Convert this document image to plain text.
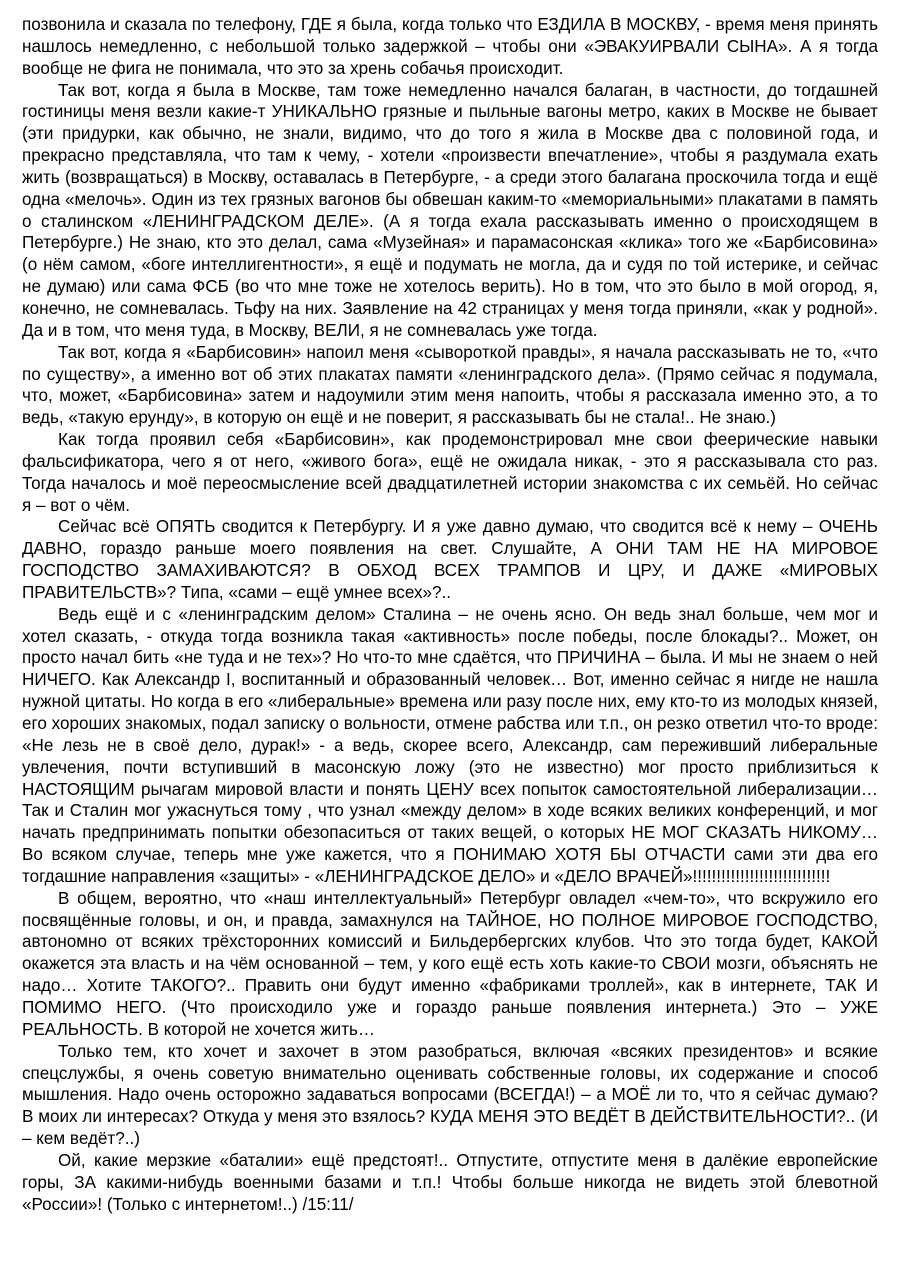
позвонила и сказала по телефону, ГДЕ я была, когда только что ЕЗДИЛА В МОСКВУ, - время меня принять нашлось немедленно, с небольшой только задержкой – чтобы они «ЭВАКУИРВАЛИ СЫНА». А я тогда вообще не фига не понимала, что это за хрень собачья происходит.

Так вот, когда я была в Москве, там тоже немедленно начался балаган, в частности, до тогдашней гостиницы меня везли какие-т УНИКАЛЬНО грязные и пыльные вагоны метро, каких в Москве не бывает (эти придурки, как обычно, не знали, видимо, что до того я жила в Москве два с половиной года, и прекрасно представляла, что там к чему, - хотели «произвести впечатление», чтобы я раздумала ехать жить (возвращаться) в Москву, оставалась в Петербурге, - а среди этого балагана проскочила тогда и ещё одна «мелочь». Один из тех грязных вагонов бы обвешан каким-то «мемориальными» плакатами в память о сталинском «ЛЕНИНГРАДСКОМ ДЕЛЕ». (А я тогда ехала рассказывать именно о происходящем в Петербурге.) Не знаю, кто это делал, сама «Музейная» и парамасонская «клика» того же «Барбисовина» (о нём самом, «боге интеллигентности», я ещё и подумать не могла, да и судя по той истерике, и сейчас не думаю) или сама ФСБ (во что мне тоже не хотелось верить). Но в том, что это было в мой огород, я, конечно, не сомневалась. Тьфу на них. Заявление на 42 страницах у меня тогда приняли, «как у родной». Да и в том, что меня туда, в Москву, ВЕЛИ, я не сомневалась уже тогда.

Так вот, когда я «Барбисовин» напоил меня «сывороткой правды», я начала рассказывать не то, «что по существу», а именно вот об этих плакатах памяти «ленинградского дела». (Прямо сейчас я подумала, что, может, «Барбисовина» затем и надоумили этим меня напоить, чтобы я рассказала именно это, а то ведь, «такую ерунду», в которую он ещё и не поверит, я рассказывать бы не стала!.. Не знаю.)

Как тогда проявил себя «Барбисовин», как продемонстрировал мне свои феерические навыки фальсификатора, чего я от него, «живого бога», ещё не ожидала никак, - это я рассказывала сто раз. Тогда началось и моё переосмысление всей двадцатилетней истории знакомства с их семьёй. Но сейчас я – вот о чём.

Сейчас всё ОПЯТЬ сводится к Петербургу. И я уже давно думаю, что сводится всё к нему – ОЧЕНЬ ДАВНО, гораздо раньше моего появления на свет. Слушайте, А ОНИ ТАМ НЕ НА МИРОВОЕ ГОСПОДСТВО ЗАМАХИВАЮТСЯ? В ОБХОД ВСЕХ ТРАМПОВ И ЦРУ, И ДАЖЕ «МИРОВЫХ ПРАВИТЕЛЬСТВ»? Типа, «сами – ещё умнее всех»?..

Ведь ещё и с «ленинградским делом» Сталина – не очень ясно. Он ведь знал больше, чем мог и хотел сказать, - откуда тогда возникла такая «активность» после победы, после блокады?.. Может, он просто начал бить «не туда и не тех»? Но что-то мне сдаётся, что ПРИЧИНА – была. И мы не знаем о ней НИЧЕГО. Как Александр I, воспитанный и образованный человек… Вот, именно сейчас я нигде не нашла нужной цитаты. Но когда в его «либеральные» времена или разу после них, ему кто-то из молодых князей, его хороших знакомых, подал записку о вольности, отмене рабства или т.п., он резко ответил что-то вроде: «Не лезь не в своё дело, дурак!» - а ведь, скорее всего, Александр, сам переживший либеральные увлечения, почти вступивший в масонскую ложу (это не известно) мог просто приблизиться к НАСТОЯЩИМ рычагам мировой власти и понять ЦЕНУ всех попыток самостоятельной либерализации…Так и Сталин мог ужаснуться тому , что узнал «между делом» в ходе всяких великих конференций, и мог начать предпринимать попытки обезопаситься от таких вещей, о которых НЕ МОГ СКАЗАТЬ НИКОМУ… Во всяком случае, теперь мне уже кажется, что я ПОНИМАЮ ХОТЯ БЫ ОТЧАСТИ сами эти два его тогдашние направления «защиты» - «ЛЕНИНГРАДСКОЕ ДЕЛО» и «ДЕЛО ВРАЧЕЙ»!!!!!!!!!!!!!!!!!!!!!!!!!!!!!

В общем, вероятно, что «наш интеллектуальный» Петербург овладел «чем-то», что вскружило его посвящённые головы, и он, и правда, замахнулся на ТАЙНОЕ, НО ПОЛНОЕ МИРОВОЕ ГОСПОДСТВО, автономно от всяких трёхсторонних комиссий и Бильдербергских клубов. Что это тогда будет, КАКОЙ окажется эта власть и на чём основанной – тем, у кого ещё есть хоть какие-то СВОИ мозги, объяснять не надо… Хотите ТАКОГО?.. Править они будут именно «фабриками троллей», как в интернете, ТАК И ПОМИМО НЕГО. (Что происходило уже и гораздо раньше появления интернета.) Это – УЖЕ РЕАЛЬНОСТЬ. В которой не хочется жить…

Только тем, кто хочет и захочет в этом разобраться, включая «всяких президентов» и всякие спецслужбы, я очень советую внимательно оценивать собственные головы, их содержание и способ мышления. Надо очень осторожно задаваться вопросами (ВСЕГДА!) – а МОЁ ли то, что я сейчас думаю? В моих ли интересах? Откуда у меня это взялось? КУДА МЕНЯ ЭТО ВЕДЁТ В ДЕЙСТВИТЕЛЬНОСТИ?.. (И – кем ведёт?..)

Ой, какие мерзкие «баталии» ещё предстоят!.. Отпустите, отпустите меня в далёкие европейские горы, ЗА какими-нибудь военными базами и т.п.! Чтобы больше никогда не видеть этой блевотной «России»! (Только с интернетом!..) /15:11/
